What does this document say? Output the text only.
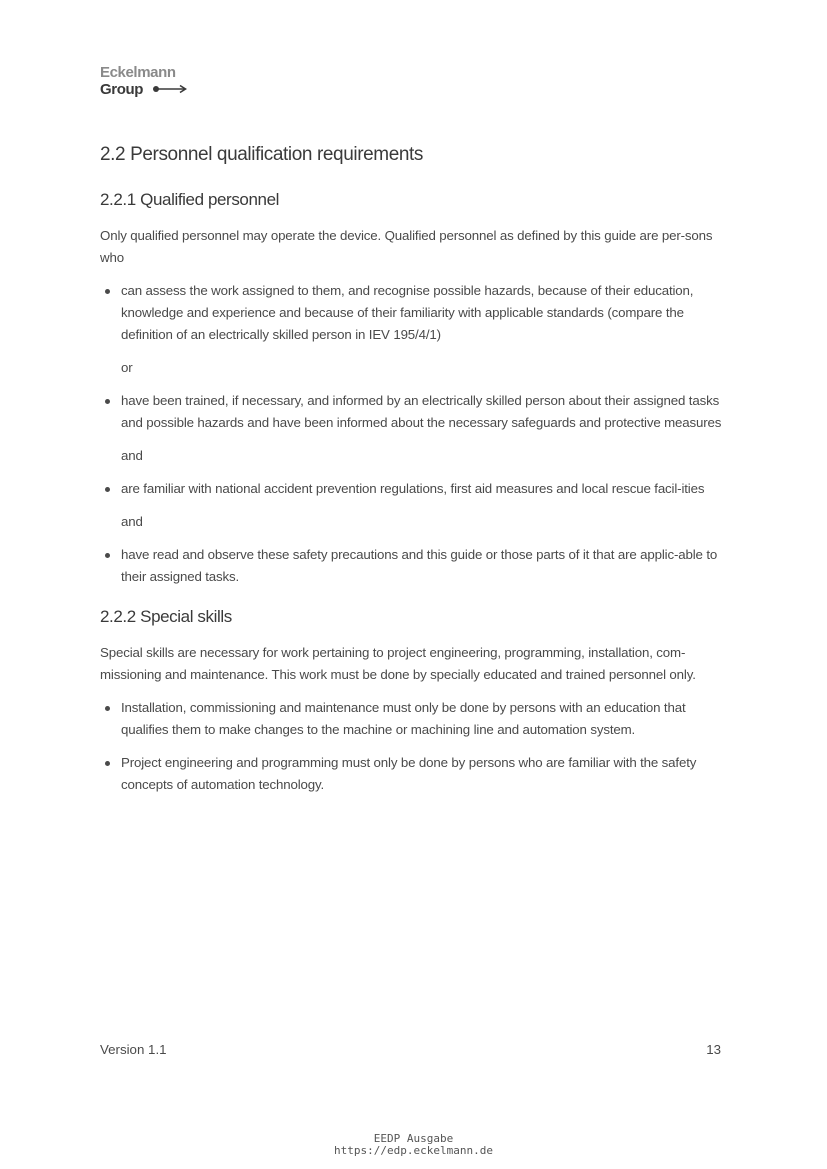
Eckelmann
Group
2.2 Personnel qualification requirements
2.2.1 Qualified personnel

Only qualified personnel may operate the device. Qualified personnel as defined by this guide are per-sons who

can assess the work assigned to them, and recognise possible hazards, because of their education, knowledge and experience and because of their familiarity with applicable standards (compare the definition of an electrically skilled person in IEV 195/4/1)

or

have been trained, if necessary, and informed by an electrically skilled person about their assigned tasks and possible hazards and have been informed about the necessary safeguards and protective measures

and

are familiar with national accident prevention regulations, first aid measures and local rescue facil-ities

and

have read and observe these safety precautions and this guide or those parts of it that are applic-able to their assigned tasks.
2.2.2 Special skills

Special skills are necessary for work pertaining to project engineering, programming, installation, com-missioning and maintenance. This work must be done by specially educated and trained personnel only.

Installation, commissioning and maintenance must only be done by persons with an education that qualifies them to make changes to the machine or machining line and automation system.
Project engineering and programming must only be done by persons who are familiar with the safety concepts of automation technology.
Version 1.1	13
EEDP Ausgabe
https://edp.eckelmann.de
